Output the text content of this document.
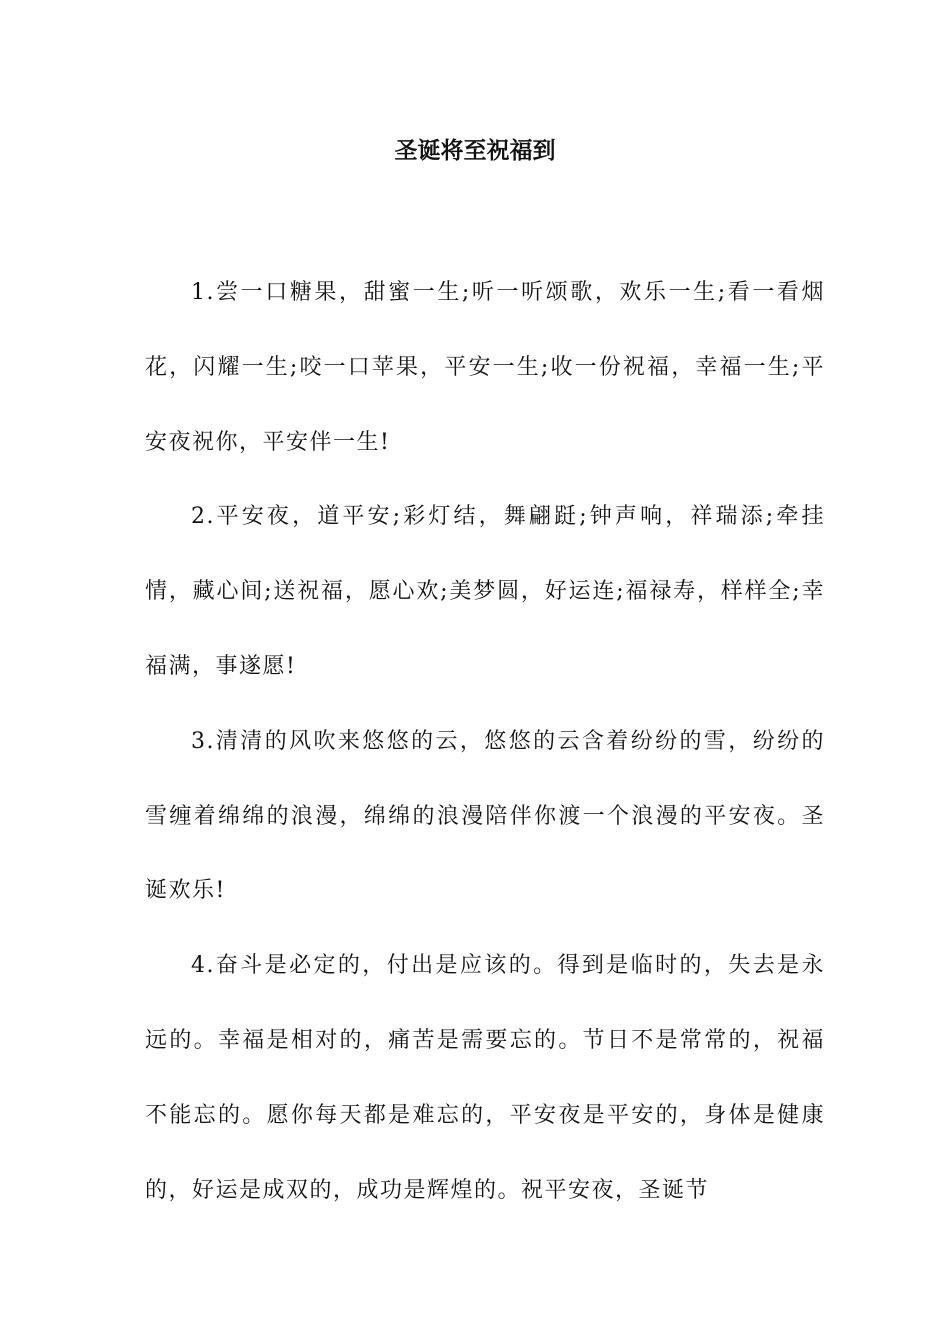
圣诞将至祝福到

1.尝一口糖果，甜蜜一生;听一听颂歌，欢乐一生;看一看烟花，闪耀一生;咬一口苹果，平安一生;收一份祝福，幸福一生;平安夜祝你，平安伴一生!

2.平安夜，道平安;彩灯结，舞翩跹;钟声响，祥瑞添;牵挂情，藏心间;送祝福，愿心欢;美梦圆，好运连;福禄寿，样样全;幸福满，事遂愿!

3.清清的风吹来悠悠的云，悠悠的云含着纷纷的雪，纷纷的雪缠着绵绵的浪漫，绵绵的浪漫陪伴你渡一个浪漫的平安夜。圣诞欢乐!

4.奋斗是必定的，付出是应该的。得到是临时的，失去是永远的。幸福是相对的，痛苦是需要忘的。节日不是常常的，祝福不能忘的。愿你每天都是难忘的，平安夜是平安的，身体是健康的，好运是成双的，成功是辉煌的。祝平安夜，圣诞节
